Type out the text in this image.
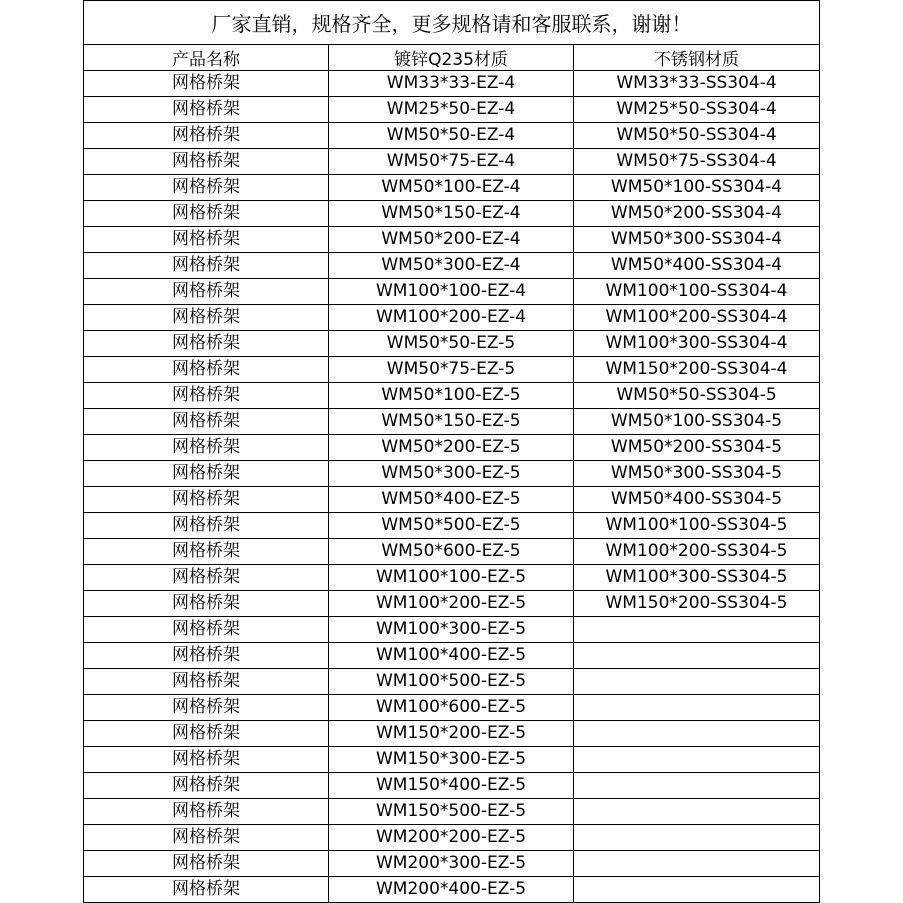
厂家直销，规格齐全，更多规格请和客服联系，谢谢！		
产品名称	镀锌Q235材质	不锈钢材质
网格桥架	WM33*33-EZ-4	WM33*33-SS304-4
网格桥架	WM25*50-EZ-4	WM25*50-SS304-4
网格桥架	WM50*50-EZ-4	WM50*50-SS304-4
网格桥架	WM50*75-EZ-4	WM50*75-SS304-4
网格桥架	WM50*100-EZ-4	WM50*100-SS304-4
网格桥架	WM50*150-EZ-4	WM50*200-SS304-4
网格桥架	WM50*200-EZ-4	WM50*300-SS304-4
网格桥架	WM50*300-EZ-4	WM50*400-SS304-4
网格桥架	WM100*100-EZ-4	WM100*100-SS304-4
网格桥架	WM100*200-EZ-4	WM100*200-SS304-4
网格桥架	WM50*50-EZ-5	WM100*300-SS304-4
网格桥架	WM50*75-EZ-5	WM150*200-SS304-4
网格桥架	WM50*100-EZ-5	WM50*50-SS304-5
网格桥架	WM50*150-EZ-5	WM50*100-SS304-5
网格桥架	WM50*200-EZ-5	WM50*200-SS304-5
网格桥架	WM50*300-EZ-5	WM50*300-SS304-5
网格桥架	WM50*400-EZ-5	WM50*400-SS304-5
网格桥架	WM50*500-EZ-5	WM100*100-SS304-5
网格桥架	WM50*600-EZ-5	WM100*200-SS304-5
网格桥架	WM100*100-EZ-5	WM100*300-SS304-5
网格桥架	WM100*200-EZ-5	WM150*200-SS304-5
网格桥架	WM100*300-EZ-5	
网格桥架	WM100*400-EZ-5	
网格桥架	WM100*500-EZ-5	
网格桥架	WM100*600-EZ-5	
网格桥架	WM150*200-EZ-5	
网格桥架	WM150*300-EZ-5	
网格桥架	WM150*400-EZ-5	
网格桥架	WM150*500-EZ-5	
网格桥架	WM200*200-EZ-5	
网格桥架	WM200*300-EZ-5	
网格桥架	WM200*400-EZ-5	
